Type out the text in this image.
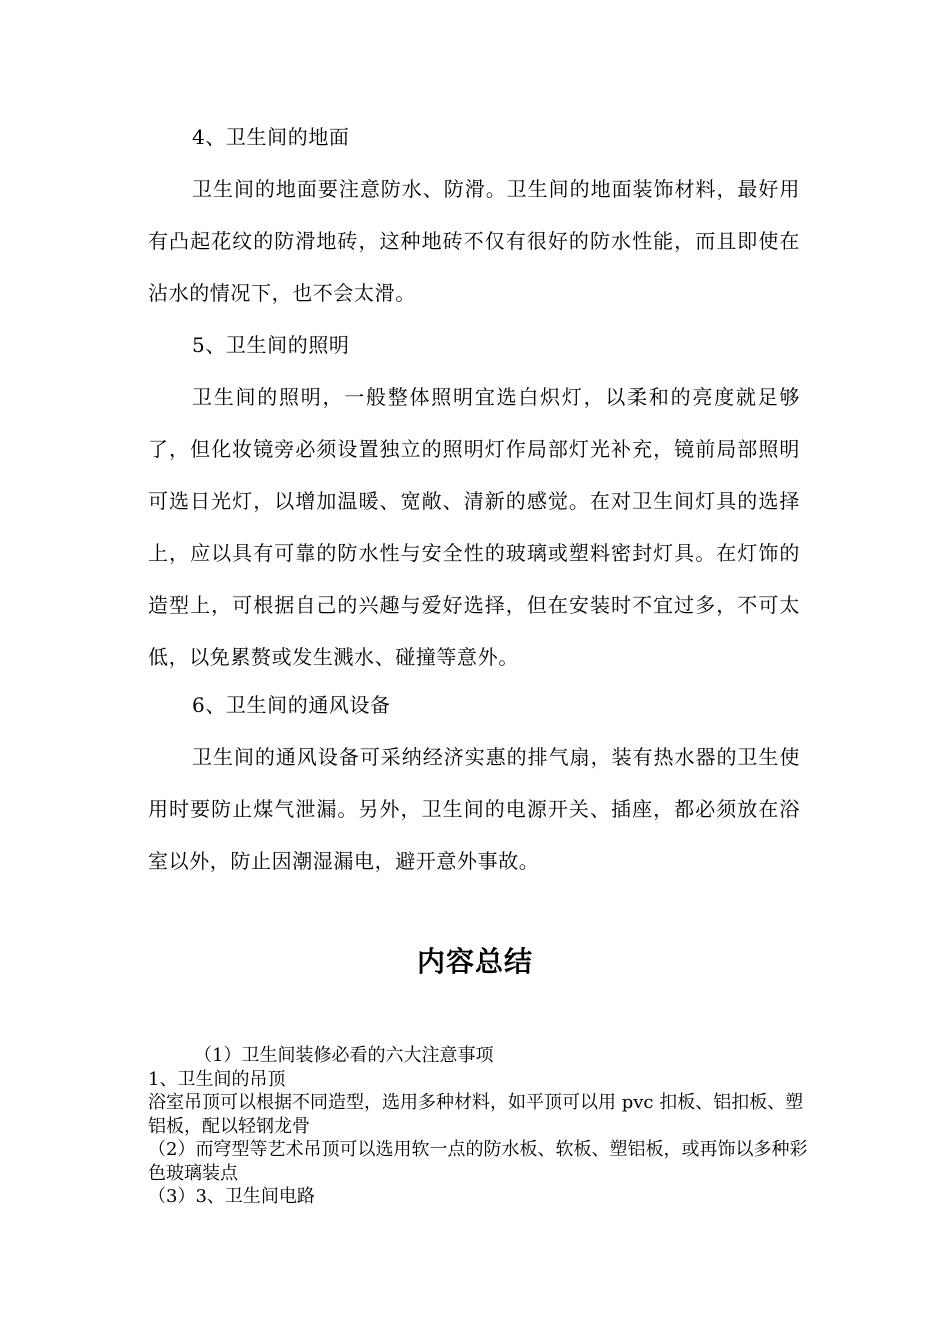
4、卫生间的地面

卫生间的地面要注意防水、防滑。卫生间的地面装饰材料，最好用有凸起花纹的防滑地砖，这种地砖不仅有很好的防水性能，而且即使在沾水的情况下，也不会太滑。

5、卫生间的照明

卫生间的照明，一般整体照明宜选白炽灯，以柔和的亮度就足够了，但化妆镜旁必须设置独立的照明灯作局部灯光补充，镜前局部照明可选日光灯，以增加温暖、宽敞、清新的感觉。在对卫生间灯具的选择上，应以具有可靠的防水性与安全性的玻璃或塑料密封灯具。在灯饰的造型上，可根据自己的兴趣与爱好选择，但在安装时不宜过多，不可太低，以免累赘或发生溅水、碰撞等意外。

6、卫生间的通风设备

卫生间的通风设备可采纳经济实惠的排气扇，装有热水器的卫生使用时要防止煤气泄漏。另外，卫生间的电源开关、插座，都必须放在浴室以外，防止因潮湿漏电，避开意外事故。

内容总结

（1）卫生间装修必看的六大注意事项

1、卫生间的吊顶

浴室吊顶可以根据不同造型，选用多种材料，如平顶可以用 pvc 扣板、铝扣板、塑铝板，配以轻钢龙骨

（2）而穹型等艺术吊顶可以选用软一点的防水板、软板、塑铝板，或再饰以多种彩色玻璃装点

（3）3、卫生间电路
